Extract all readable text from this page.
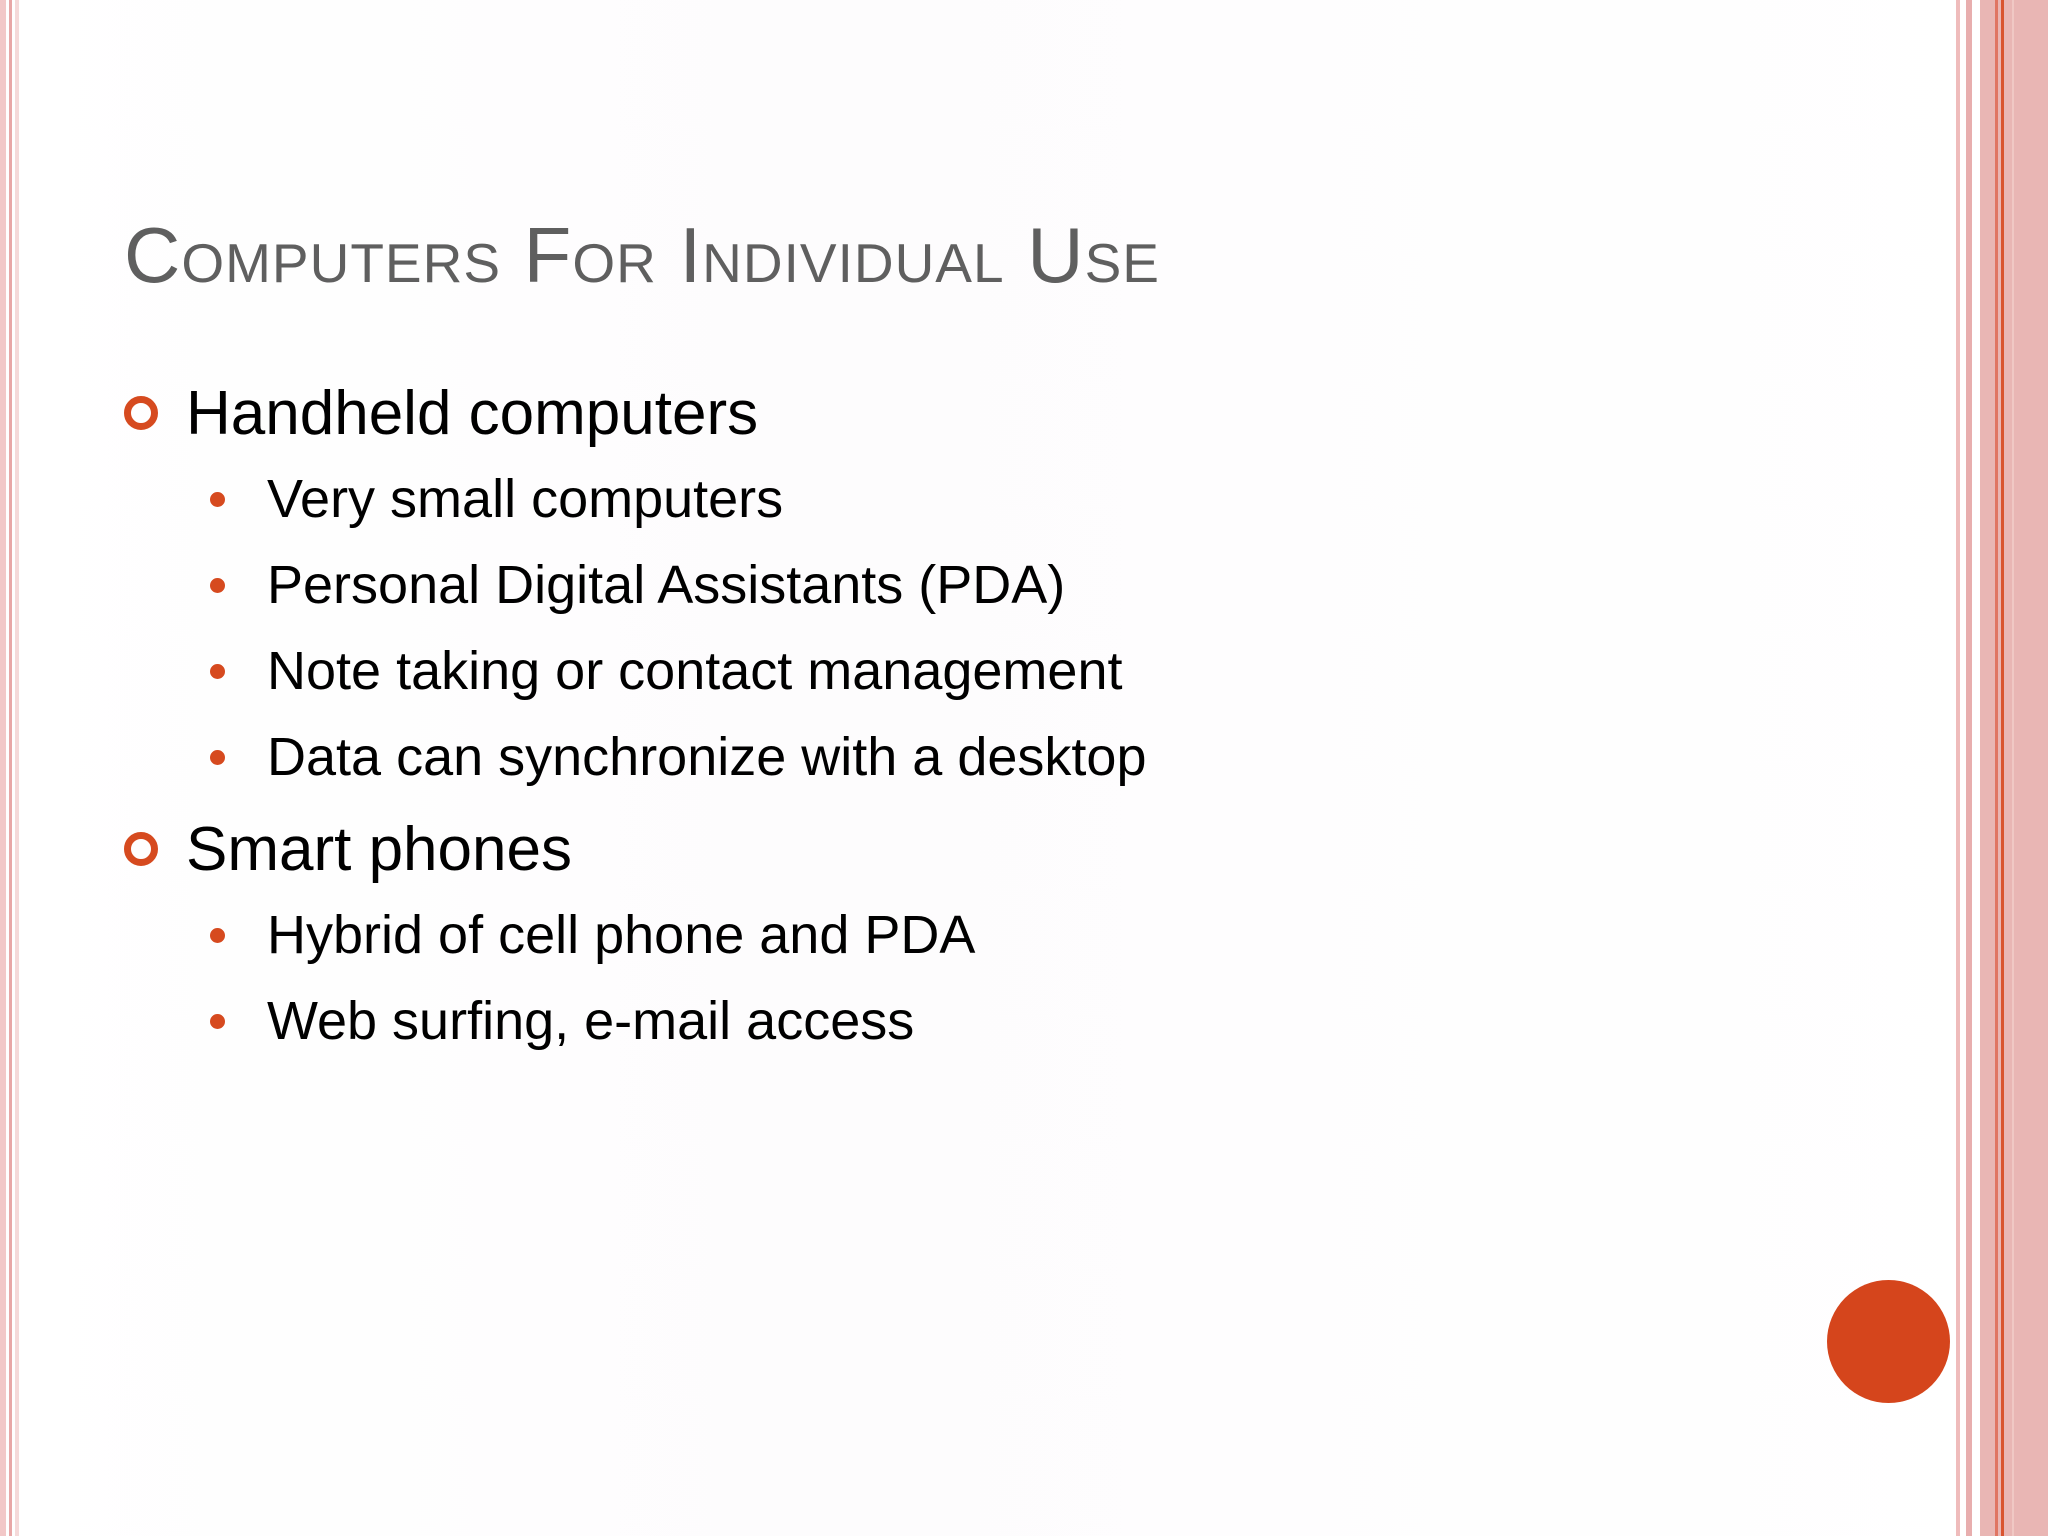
Computers For Individual Use
Handheld computers
Very small computers
Personal Digital Assistants (PDA)
Note taking or contact management
Data can synchronize with a desktop
Smart phones
Hybrid of cell phone and PDA
Web surfing, e-mail access
